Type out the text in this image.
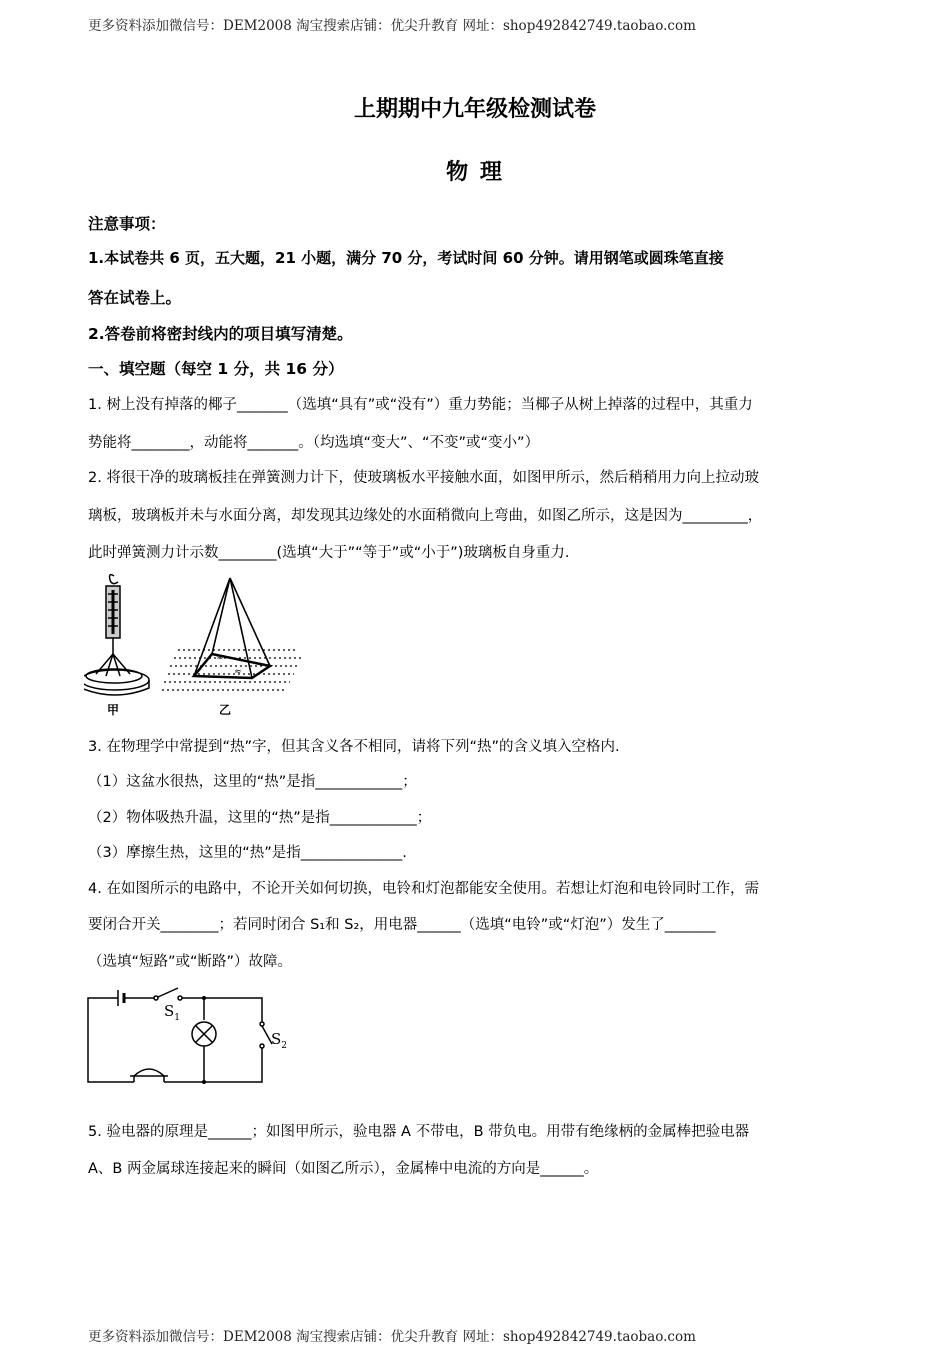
更多资料添加微信号：DEM2008 淘宝搜索店铺：优尖升教育 网址：shop492842749.taobao.com
上期期中九年级检测试卷
物 理
注意事项：
1.本试卷共 6 页，五大题，21 小题，满分 70 分，考试时间 60 分钟。请用钢笔或圆珠笔直接
答在试卷上。
2.答卷前将密封线内的项目填写清楚。
一、填空题（每空 1 分，共 16 分）
1. 树上没有掉落的椰子_______（选填“具有”或“没有”）重力势能；当椰子从树上掉落的过程中，其重力
势能将________，动能将_______。（均选填“变大”、“不变”或“变小”）
2. 将很干净的玻璃板挂在弹簧测力计下，使玻璃板水平接触水面，如图甲所示，然后稍稍用力向上拉动玻
璃板，玻璃板并未与水面分离，却发现其边缘处的水面稍微向上弯曲，如图乙所示，这是因为_________，
此时弹簧测力计示数________(选填“大于”“等于”或“小于”)玻璃板自身重力.
≈
≈
甲	乙
3. 在物理学中常提到“热”字，但其含义各不相同，请将下列“热”的含义填入空格内.
（1）这盆水很热，这里的“热”是指____________；
（2）物体吸热升温，这里的“热”是指____________；
（3）摩擦生热，这里的“热”是指______________.
4. 在如图所示的电路中，不论开关如何切换，电铃和灯泡都能安全使用。若想让灯泡和电铃同时工作，需
要闭合开关________；若同时闭合 S₁和 S₂，用电器______（选填“电铃”或“灯泡”）发生了_______
（选填“短路”或“断路”）故障。
$S_1$
$S_2$
5. 验电器的原理是______；如图甲所示，验电器 A 不带电，B 带负电。用带有绝缘柄的金属棒把验电器
A、B 两金属球连接起来的瞬间（如图乙所示），金属棒中电流的方向是______。
更多资料添加微信号：DEM2008 淘宝搜索店铺：优尖升教育 网址：shop492842749.taobao.com
